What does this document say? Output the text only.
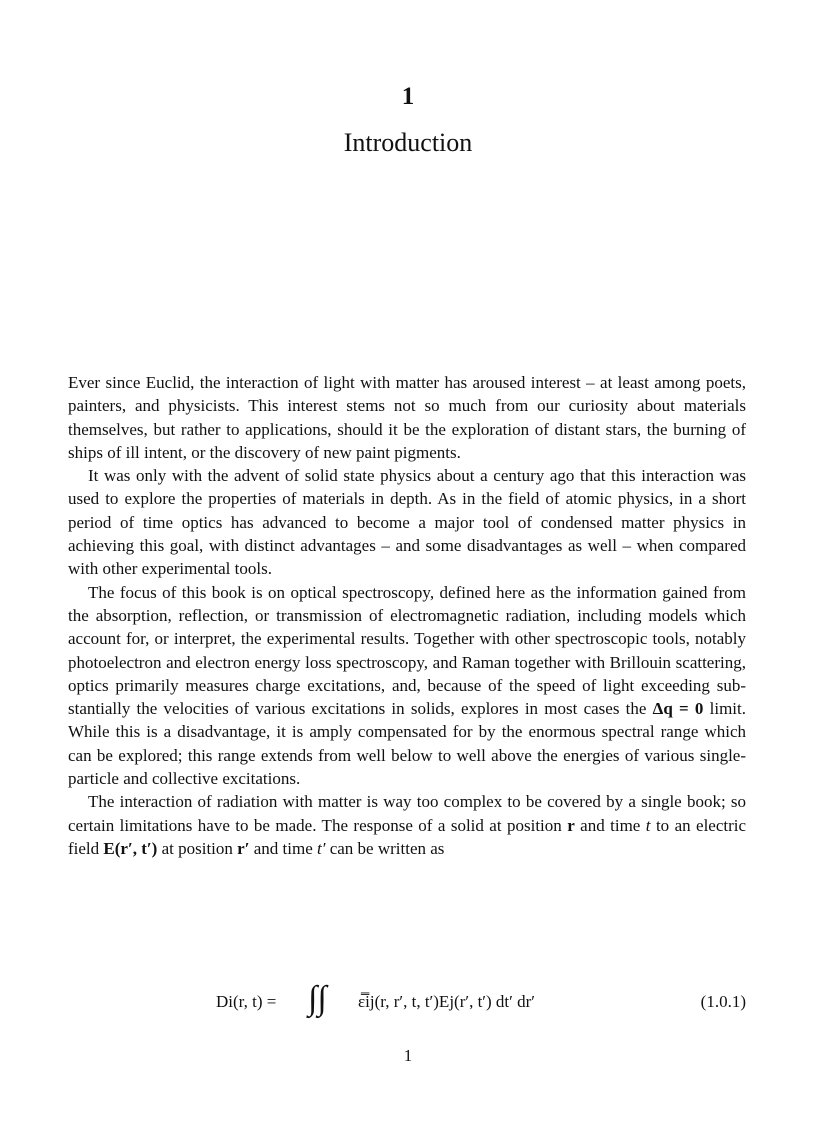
1
Introduction

Ever since Euclid, the interaction of light with matter has aroused interest – at least among poets, painters, and physicists. This interest stems not so much from our curiosity about materials themselves, but rather to applications, should it be the exploration of distant stars, the burning of ships of ill intent, or the discovery of new paint pigments.

It was only with the advent of solid state physics about a century ago that this interaction was used to explore the properties of materials in depth. As in the field of atomic physics, in a short period of time optics has advanced to become a major tool of condensed matter physics in achieving this goal, with distinct advantages – and some disadvantages as well – when compared with other experimental tools.

The focus of this book is on optical spectroscopy, defined here as the information gained from the absorption, reflection, or transmission of electromagnetic radiation, including models which account for, or interpret, the experimental results. Together with other spectroscopic tools, notably photoelectron and electron energy loss spectroscopy, and Raman together with Brillouin scattering, optics primarily measures charge excitations, and, because of the speed of light exceeding substantially the velocities of various excitations in solids, explores in most cases the Δq = 0 limit. While this is a disadvantage, it is amply compensated for by the enormous spectral range which can be explored; this range extends from well below to well above the energies of various single-particle and collective excitations.

The interaction of radiation with matter is way too complex to be covered by a single book; so certain limitations have to be made. The response of a solid at position r and time t to an electric field E(r′, t′) at position r′ and time t′ can be written as

Di(r, t) = ∫∫ ε̿ij(r, r′, t, t′)Ej(r′, t′) dt′ dr′	(1.0.1)
1
